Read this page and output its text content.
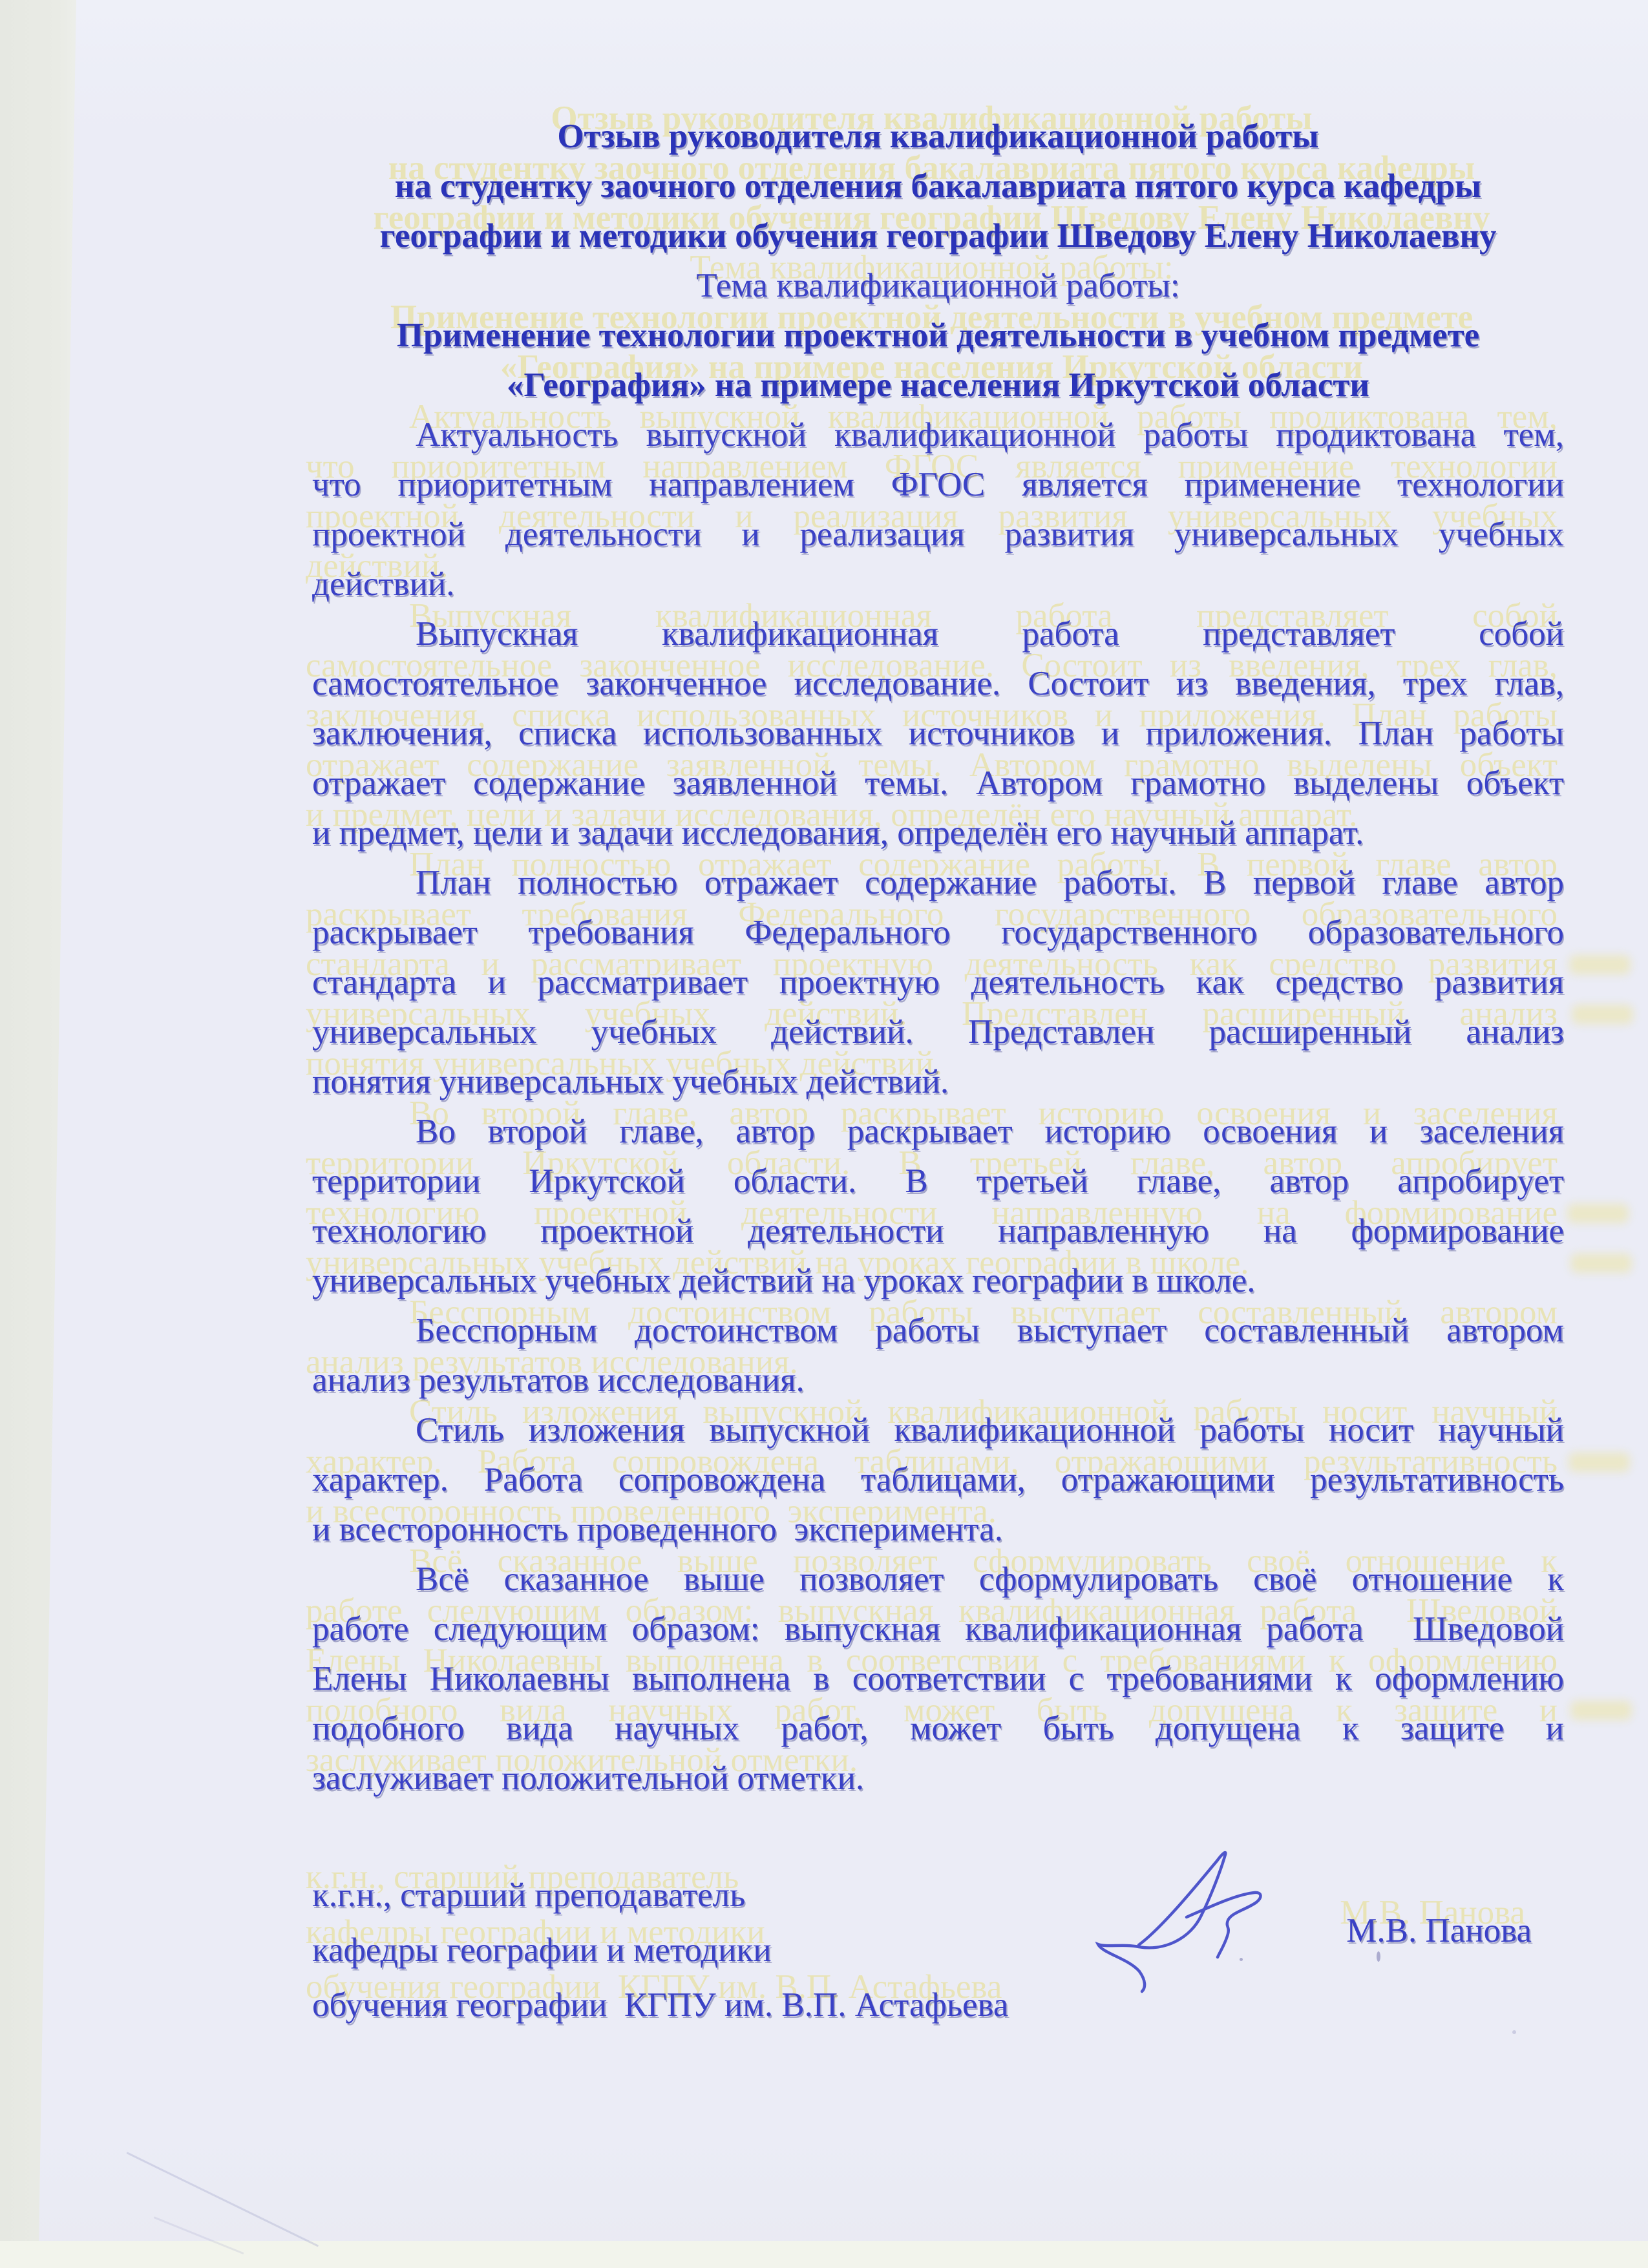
Отзыв руководителя квалификационной работы
на студентку заочного отделения бакалавриата пятого курса кафедры
географии и методики обучения географии Шведову Елену Николаевну
Тема квалификационной работы:
Применение технологии проектной деятельности в учебном предмете
«География» на примере населения Иркутской области
Актуальность выпускной квалификационной работы продиктована тем,
что приоритетным направлением ФГОС является применение технологии
проектной деятельности и реализация развития универсальных учебных
действий.
Выпускная квалификационная работа представляет собой
самостоятельное законченное исследование. Состоит из введения, трех глав,
заключения, списка использованных источников и приложения. План работы
отражает содержание заявленной темы. Автором грамотно выделены объект
и предмет, цели и задачи исследования, определён его научный аппарат.
План полностью отражает содержание работы. В первой главе автор
раскрывает требования Федерального государственного образовательного
стандарта и рассматривает проектную деятельность как средство развития
универсальных учебных действий. Представлен расширенный анализ
понятия универсальных учебных действий.
Во второй главе, автор раскрывает историю освоения и заселения
территории Иркутской области. В третьей главе, автор апробирует
технологию проектной деятельности направленную на формирование
универсальных учебных действий на уроках географии в школе.
Бесспорным достоинством работы выступает составленный автором
анализ результатов исследования.
Стиль изложения выпускной квалификационной работы носит научный
характер. Работа сопровождена таблицами, отражающими результативность
и всесторонность проведенного  эксперимента.
Всё сказанное выше позволяет сформулировать своё отношение к
работе следующим образом: выпускная квалификационная работа  Шведовой
Елены Николаевны выполнена в соответствии с требованиями к оформлению
подобного вида научных работ, может быть допущена к защите и
заслуживает положительной отметки.
к.г.н., старший преподаватель
кафедры географии и методики
обучения географии  КГПУ им. В.П. Астафьева
М.В. Панова
